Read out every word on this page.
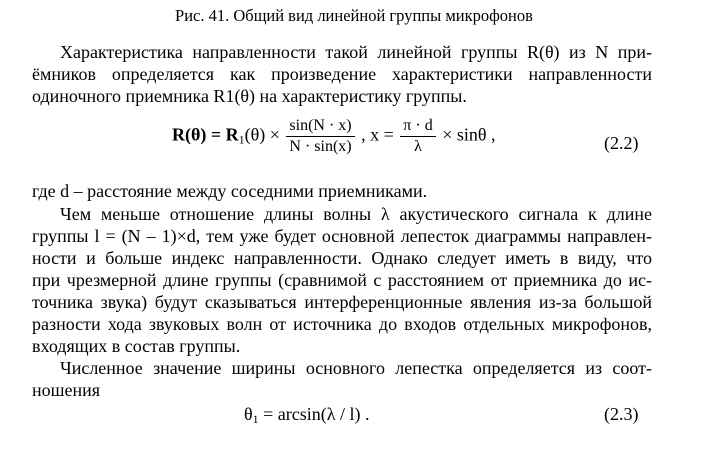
Рис. 41. Общий вид линейной группы микрофонов
Характеристика направленности такой линейной группы R(θ) из N при-
ёмников определяется как произведение характеристики направленности
одиночного приемника R1(θ) на характеристику группы.
$R(\theta) = R_1(\theta) \times \frac{\sin(N \cdot x)}{N \cdot \sin(x)}$ , $x = \frac{\pi \cdot d}{\lambda} \times \sin\theta$ ,	(2.2)
где d – расстояние между соседними приемниками.
Чем меньше отношение длины волны λ акустического сигнала к длине
группы l = (N – 1)×d, тем уже будет основной лепесток диаграммы направлен-
ности и больше индекс направленности. Однако следует иметь в виду, что
при чрезмерной длине группы (сравнимой с расстоянием от приемника до ис-
точника звука) будут сказываться интерференционные явления из-за большой
разности хода звуковых волн от источника до входов отдельных микрофонов,
входящих в состав группы.
Численное значение ширины основного лепестка определяется из соот-
ношения
$\theta_1 = \arcsin(\lambda / l)$ .	(2.3)
